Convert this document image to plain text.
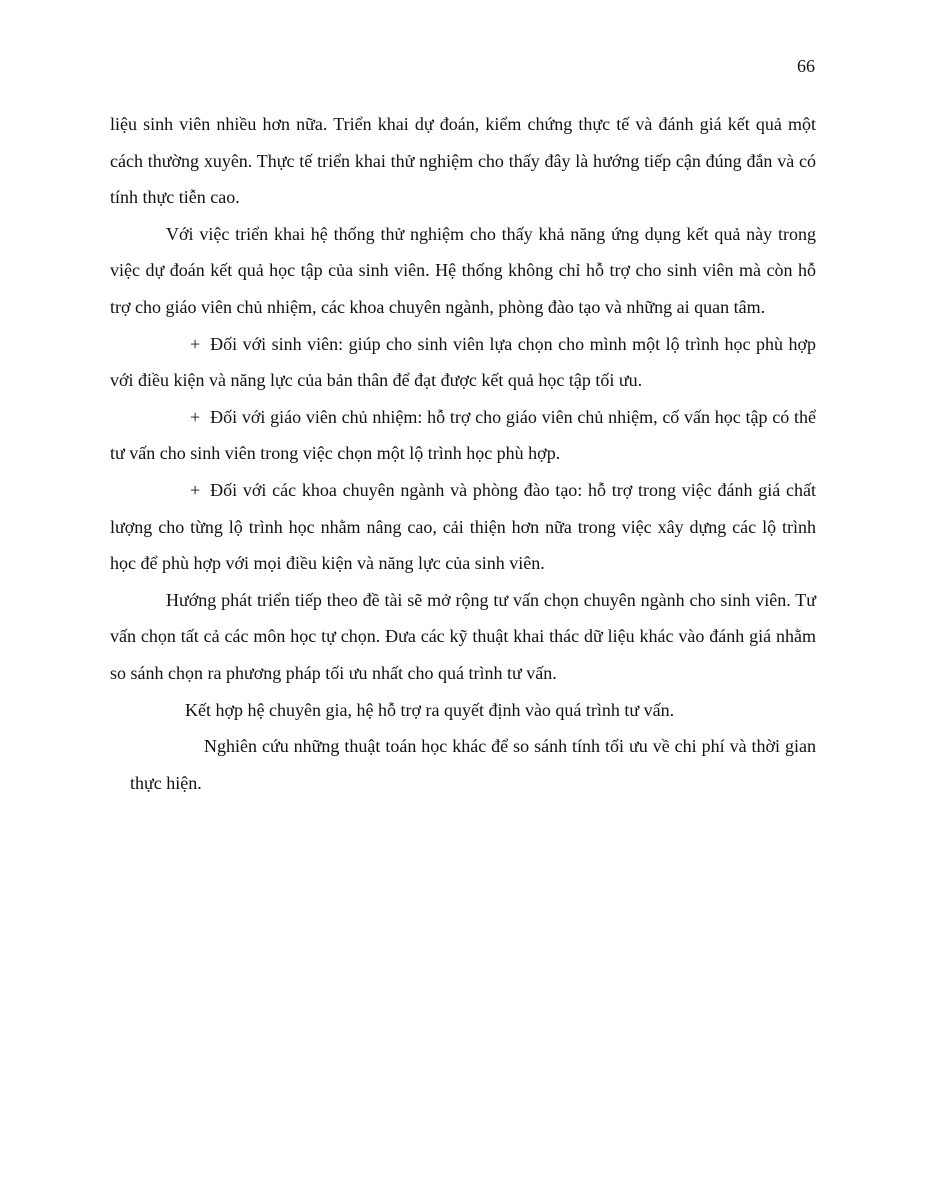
66

liệu sinh viên nhiều hơn nữa. Triển khai dự đoán, kiểm chứng thực tế và đánh giá kết quả một cách thường xuyên. Thực tế triển khai thử nghiệm cho thấy đây là hướng tiếp cận đúng đắn và có tính thực tiễn cao.

Với việc triển khai hệ thống thử nghiệm cho thấy khả năng ứng dụng kết quả này trong việc dự đoán kết quả học tập của sinh viên. Hệ thống không chỉ hỗ trợ cho sinh viên mà còn hỗ trợ cho giáo viên chủ nhiệm, các khoa chuyên ngành, phòng đào tạo và những ai quan tâm.

+ Đối với sinh viên: giúp cho sinh viên lựa chọn cho mình một lộ trình học phù hợp với điều kiện và năng lực của bản thân để đạt được kết quả học tập tối ưu.

+ Đối với giáo viên chủ nhiệm: hỗ trợ cho giáo viên chủ nhiệm, cố vấn học tập có thể tư vấn cho sinh viên trong việc chọn một lộ trình học phù hợp.

+ Đối với các khoa chuyên ngành và phòng đào tạo: hỗ trợ trong việc đánh giá chất lượng cho từng lộ trình học nhằm nâng cao, cải thiện hơn nữa trong việc xây dựng các lộ trình học để phù hợp với mọi điều kiện và năng lực của sinh viên.

Hướng phát triển tiếp theo đề tài sẽ mở rộng tư vấn chọn chuyên ngành cho sinh viên. Tư vấn chọn tất cả các môn học tự chọn. Đưa các kỹ thuật khai thác dữ liệu khác vào đánh giá nhằm so sánh chọn ra phương pháp tối ưu nhất cho quá trình tư vấn.

Kết hợp hệ chuyên gia, hệ hỗ trợ ra quyết định vào quá trình tư vấn.

Nghiên cứu những thuật toán học khác để so sánh tính tối ưu về chi phí và thời gian thực hiện.
